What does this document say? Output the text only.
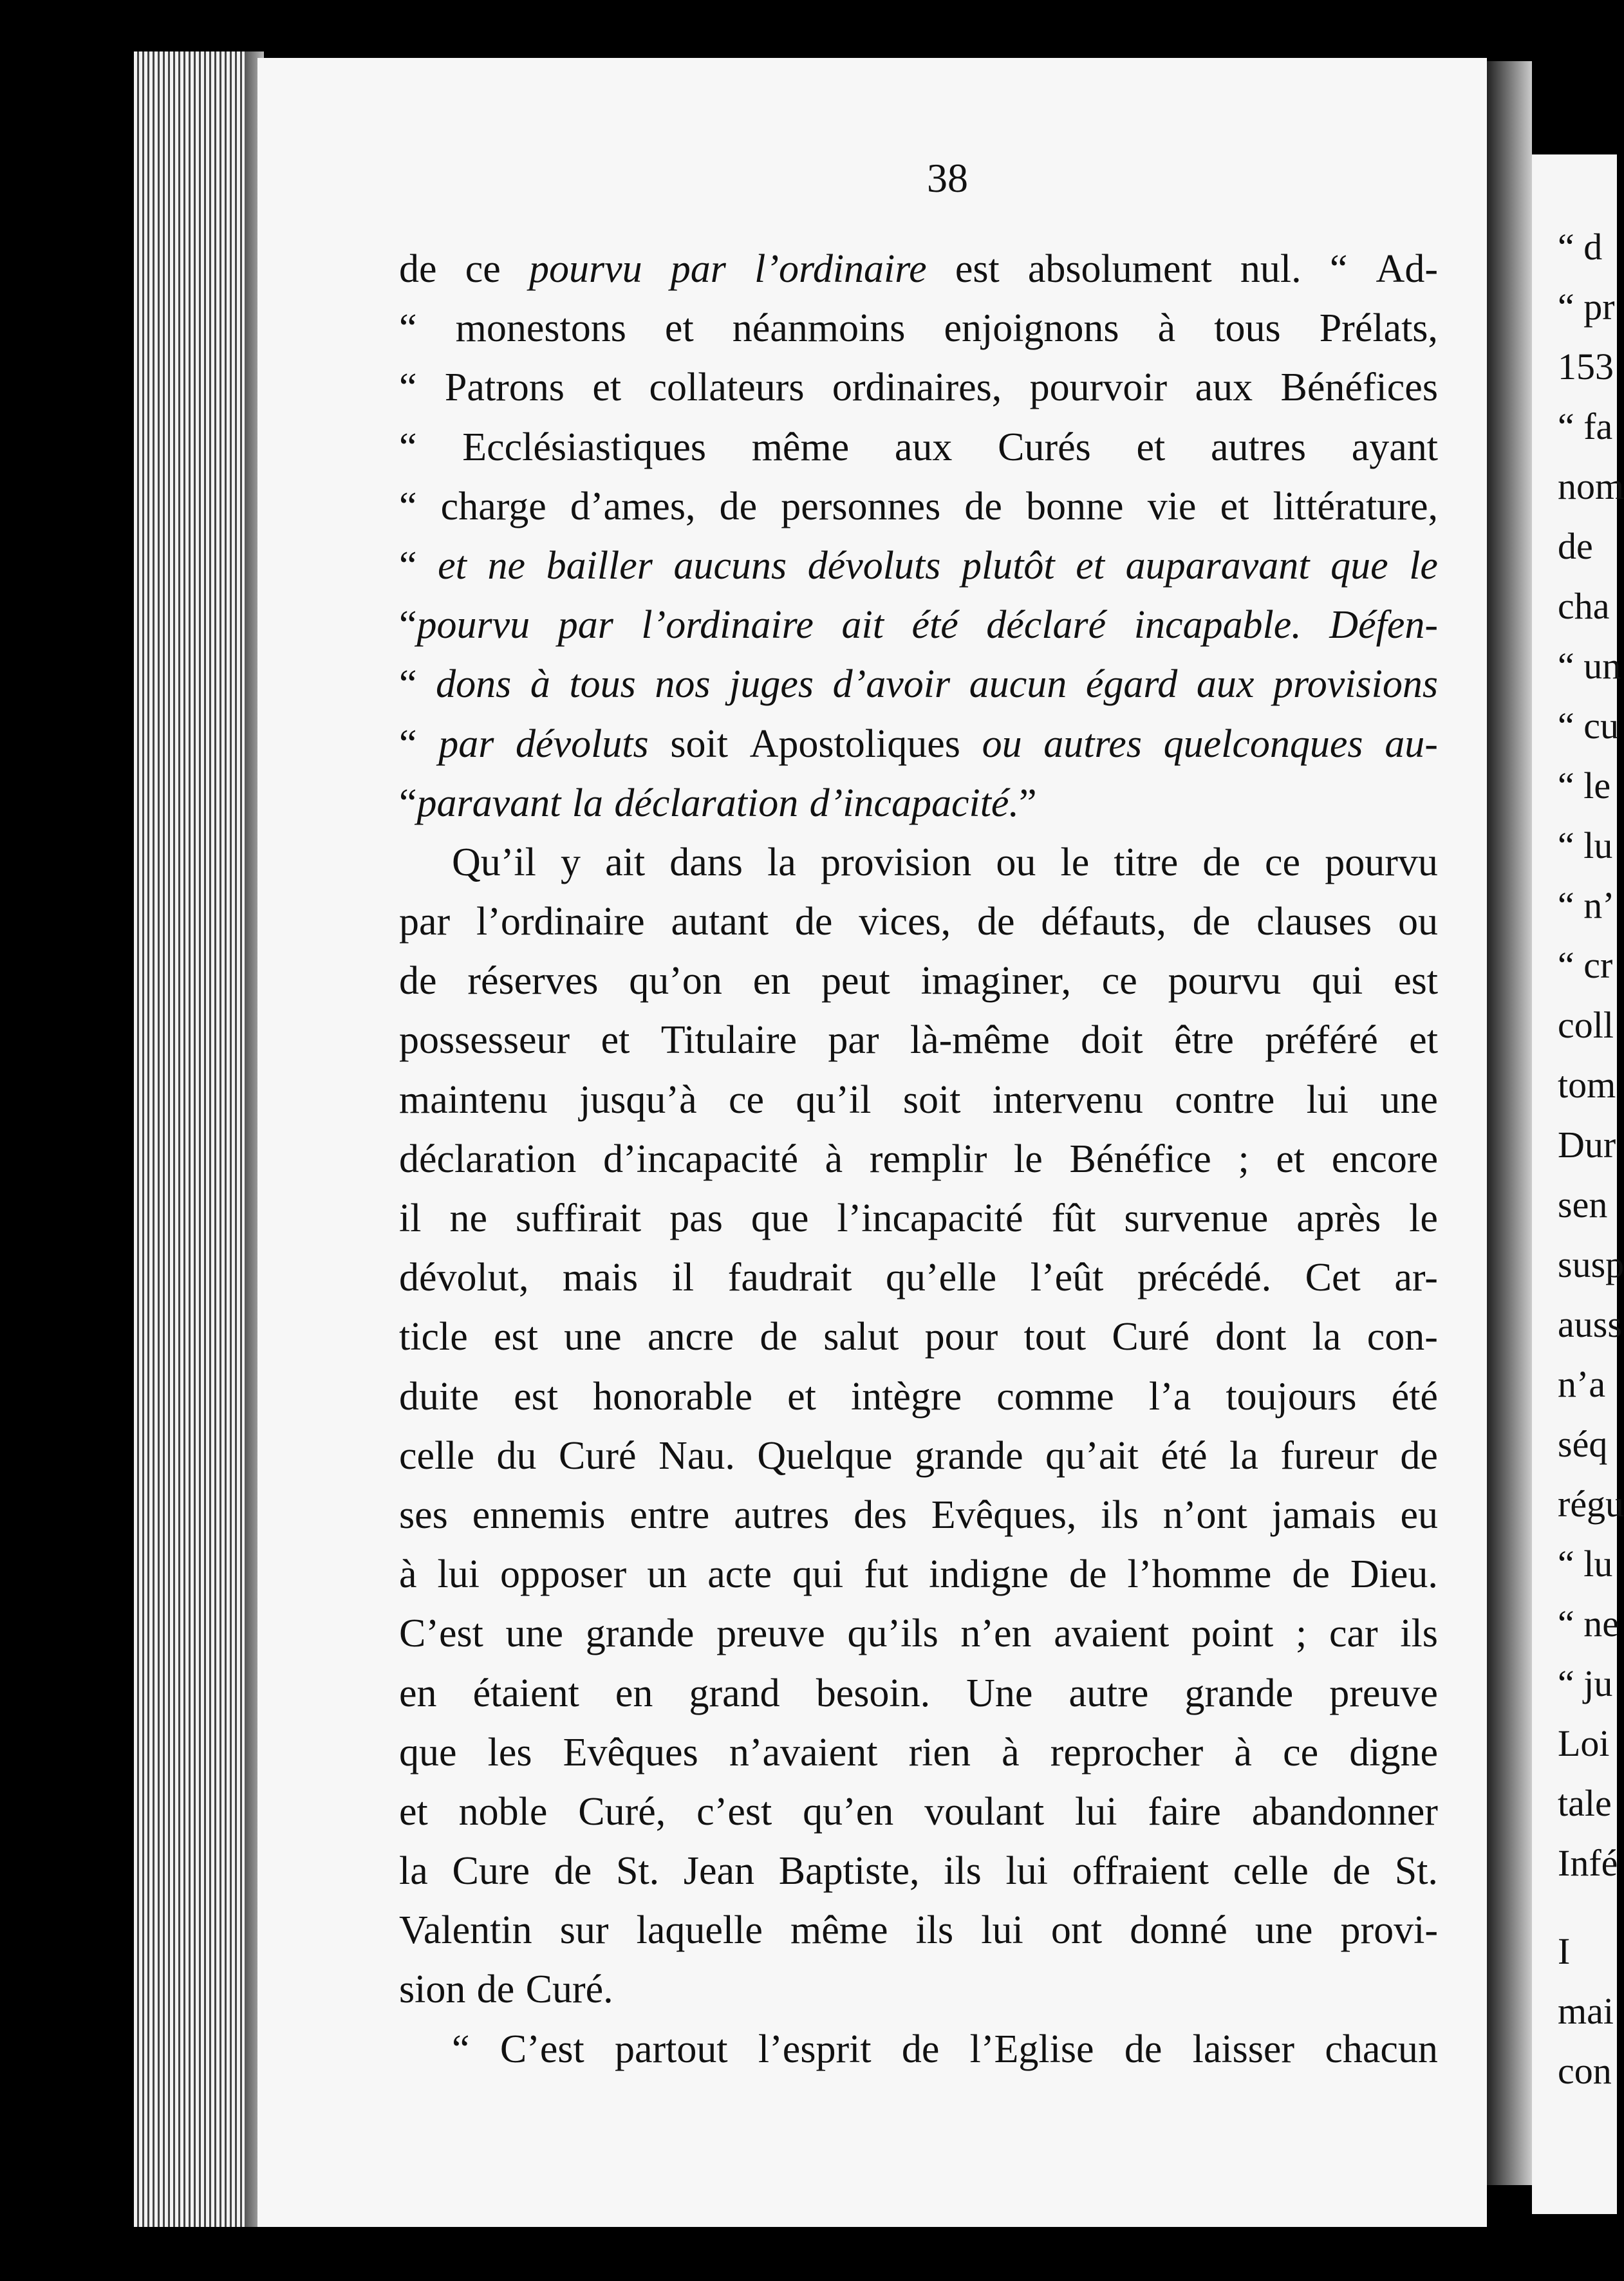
38
de ce pourvu par l’ordinaire est absolument nul. “ Ad-
“ monestons et néanmoins enjoignons à tous Prélats,
“ Patrons et collateurs ordinaires, pourvoir aux Bénéfices
“ Ecclésiastiques même aux Curés et autres ayant
“ charge d’ames, de personnes de bonne vie et littérature,
“ et ne bailler aucuns dévoluts plutôt et auparavant que le
“pourvu par l’ordinaire ait été déclaré incapable. Défen-
“ dons à tous nos juges d’avoir aucun égard aux provisions
“ par dévoluts soit Apostoliques ou autres quelconques au-
“paravant la déclaration d’incapacité.”
Qu’il y ait dans la provision ou le titre de ce pourvu
par l’ordinaire autant de vices, de défauts, de clauses ou
de réserves qu’on en peut imaginer, ce pourvu qui est
possesseur et Titulaire par là-même doit être préféré et
maintenu jusqu’à ce qu’il soit intervenu contre lui une
déclaration d’incapacité à remplir le Bénéfice ; et encore
il ne suffirait pas que l’incapacité fût survenue après le
dévolut, mais il faudrait qu’elle l’eût précédé. Cet ar-
ticle est une ancre de salut pour tout Curé dont la con-
duite est honorable et intègre comme l’a toujours été
celle du Curé Nau. Quelque grande qu’ait été la fureur de
ses ennemis entre autres des Evêques, ils n’ont jamais eu
à lui opposer un acte qui fut indigne de l’homme de Dieu.
C’est une grande preuve qu’ils n’en avaient point ; car ils
en étaient en grand besoin. Une autre grande preuve
que les Evêques n’avaient rien à reprocher à ce digne
et noble Curé, c’est qu’en voulant lui faire abandonner
la Cure de St. Jean Baptiste, ils lui offraient celle de St.
Valentin sur laquelle même ils lui ont donné une provi-
sion de Curé.
“ C’est partout l’esprit de l’Eglise de laisser chacun
“ d
“ pr
153
“ fa
nom
de
cha
“ un
“ cu
“ le
“ lu
“ n’
“ cr
coll
tom
Dur
sen
susp
auss
n’a
séq
régu
“ lu
“ ne
“ ju
Loi
tale
Infé
I
mai
con
